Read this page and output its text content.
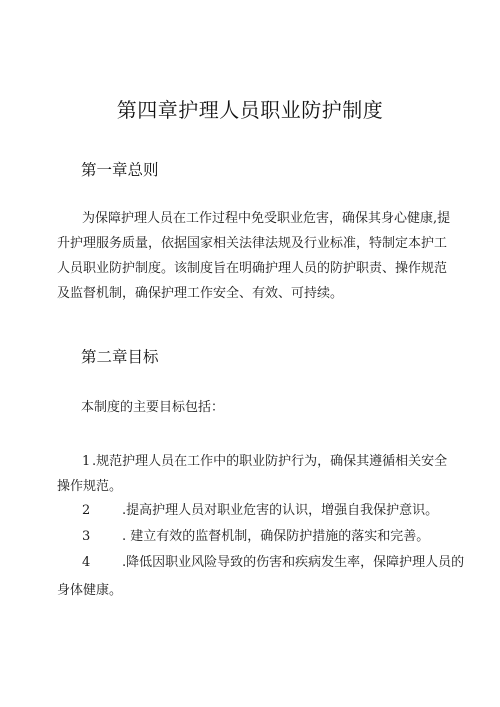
第四章护理人员职业防护制度
第一章总则
为保障护理人员在工作过程中免受职业危害，确保其身心健康,提
升护理服务质量，依据国家相关法律法规及行业标准，特制定本护工
人员职业防护制度。该制度旨在明确护理人员的防护职责、操作规范
及监督机制，确保护理工作安全、有效、可持续。
第二章目标
本制度的主要目标包括：
1 .规范护理人员在工作中的职业防护行为，确保其遵循相关安全
操作规范。
2 .提高护理人员对职业危害的认识，增强自我保护意识。
3 . 建立有效的监督机制，确保防护措施的落实和完善。
4 .降低因职业风险导致的伤害和疾病发生率，保障护理人员的
身体健康。
